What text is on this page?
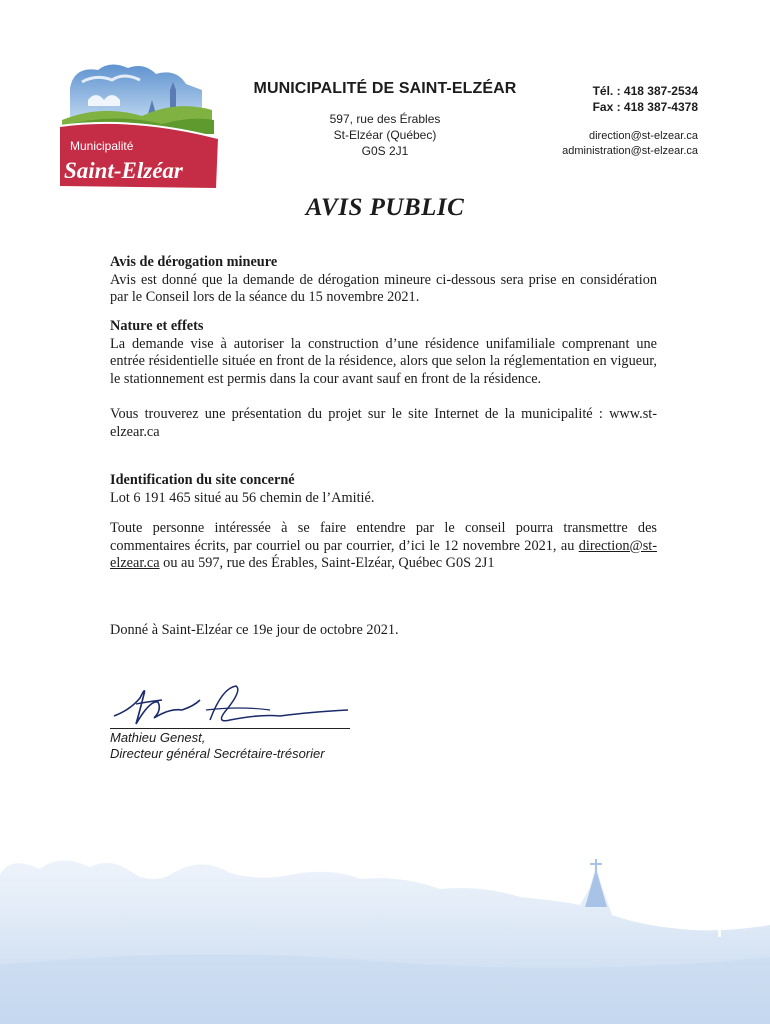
Municipalité
Saint-Elzéar
MUNICIPALITÉ DE SAINT-ELZÉAR
597, rue des Érables
St-Elzéar (Québec)
G0S 2J1
Tél. : 418 387-2534
Fax : 418 387-4378
direction@st-elzear.ca
administration@st-elzear.ca
AVIS PUBLIC
Avis de dérogation mineure

Avis est donné que la demande de dérogation mineure ci-dessous sera prise en considération par le Conseil lors de la séance du 15 novembre 2021.

Nature et effets

La demande vise à autoriser la construction d’une résidence unifamiliale comprenant une entrée résidentielle située en front de la résidence, alors que selon la réglementation en vigueur, le stationnement est permis dans la cour avant sauf en front de la résidence.

Vous trouverez une présentation du projet sur le site Internet de la municipalité : www.st-elzear.ca

Identification du site concerné

Lot 6 191 465 situé au 56 chemin de l’Amitié.

Toute personne intéressée à se faire entendre par le conseil pourra transmettre des commentaires écrits, par courriel ou par courrier, d’ici le 12 novembre 2021, au direction@st-elzear.ca ou au 597, rue des Érables, Saint-Elzéar, Québec G0S 2J1

Donné à Saint-Elzéar ce 19e jour de octobre 2021.

Mathieu Genest,
Directeur général Secrétaire-trésorier
